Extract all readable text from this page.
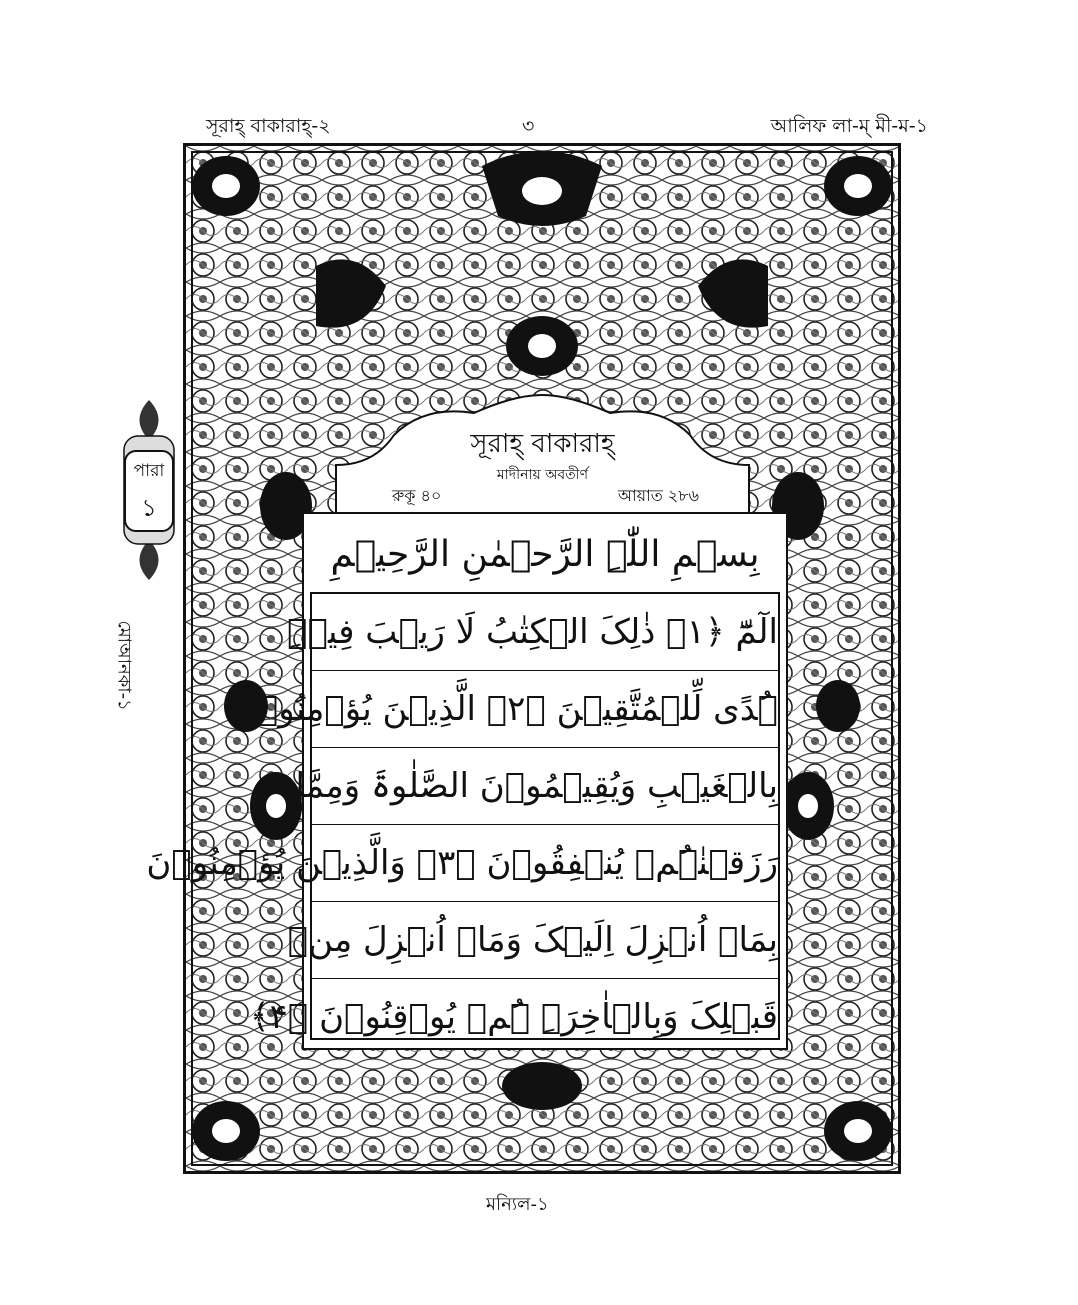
সূরাহ্ বাকারাহ্-২	৩	আলিফ লা-ম্ মী-ম-১
পারা
১
মোআনকা-১
সূরাহ্ বাকারাহ্
মাদীনায় অবতীর্ণ
রুকূ ৪০	আয়াত ২৮৬
بِسۡمِ اللّٰہِ الرَّحۡمٰنِ الرَّحِیۡمِ
الٓمّٓ ﴿۱﴾ ذٰلِکَ الۡکِتٰبُ لَا رَیۡبَ فِیۡہِ
ہُدًی لِّلۡمُتَّقِیۡنَ ﴿۲﴾ الَّذِیۡنَ یُؤۡمِنُوۡنَ
بِالۡغَیۡبِ وَیُقِیۡمُوۡنَ الصَّلٰوۃَ وَمِمَّا
رَزَقۡنٰہُمۡ یُنۡفِقُوۡنَ ﴿۳﴾ وَالَّذِیۡنَ یُؤۡمِنُوۡنَ
بِمَاۤ اُنۡزِلَ اِلَیۡکَ وَمَاۤ اُنۡزِلَ مِنۡ
قَبۡلِکَ وَبِالۡاٰخِرَۃِ ہُمۡ یُوۡقِنُوۡنَ ﴿۴﴾
মন্যিল-১
